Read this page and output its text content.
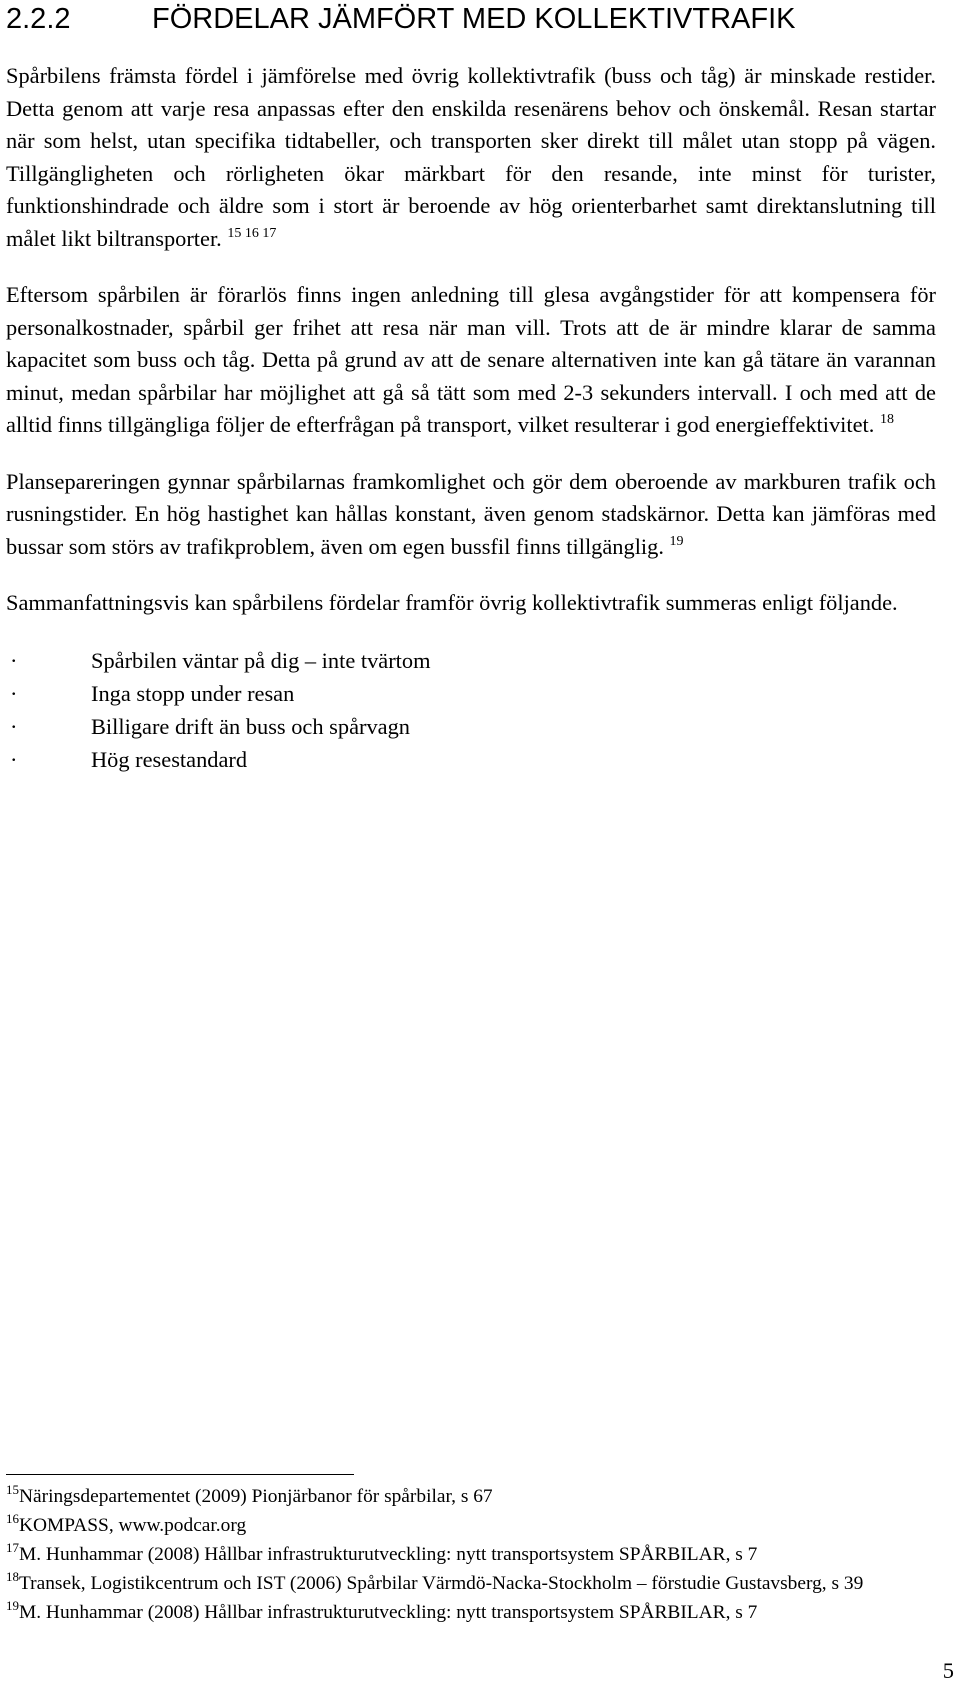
2.2.2	FÖRDELAR JÄMFÖRT MED KOLLEKTIVTRAFIK

Spårbilens främsta fördel i jämförelse med övrig kollektivtrafik (buss och tåg) är minskade restider. Detta genom att varje resa anpassas efter den enskilda resenärens behov och önskemål. Resan startar när som helst, utan specifika tidtabeller, och transporten sker direkt till målet utan stopp på vägen. Tillgängligheten och rörligheten ökar märkbart för den resande, inte minst för turister, funktionshindrade och äldre som i stort är beroende av hög orienterbarhet samt direktanslutning till målet likt biltransporter. $^{15 16 17}$

Eftersom spårbilen är förarlös finns ingen anledning till glesa avgångstider för att kompensera för personalkostnader, spårbil ger frihet att resa när man vill. Trots att de är mindre klarar de samma kapacitet som buss och tåg. Detta på grund av att de senare alternativen inte kan gå tätare än varannan minut, medan spårbilar har möjlighet att gå så tätt som med 2-3 sekunders intervall. I och med att de alltid finns tillgängliga följer de efterfrågan på transport, vilket resulterar i god energieffektivitet. $^{18}$

Plansepareringen gynnar spårbilarnas framkomlighet och gör dem oberoende av markburen trafik och rusningstider. En hög hastighet kan hållas konstant, även genom stadskärnor. Detta kan jämföras med bussar som störs av trafikproblem, även om egen bussfil finns tillgänglig. $^{19}$

Sammanfattningsvis kan spårbilens fördelar framför övrig kollektivtrafik summeras enligt följande.

·	Spårbilen väntar på dig – inte tvärtom
·	Inga stopp under resan
·	Billigare drift än buss och spårvagn
·	Hög resestandard

$^{15}$Näringsdepartementet (2009) Pionjärbanor för spårbilar, s 67

$^{16}$KOMPASS, www.podcar.org

$^{17}$M. Hunhammar (2008) Hållbar infrastrukturutveckling: nytt transportsystem SPÅRBILAR, s 7

$^{18}$Transek, Logistikcentrum och IST (2006) Spårbilar Värmdö-Nacka-Stockholm – förstudie Gustavsberg, s 39

$^{19}$M. Hunhammar (2008) Hållbar infrastrukturutveckling: nytt transportsystem SPÅRBILAR, s 7

5
